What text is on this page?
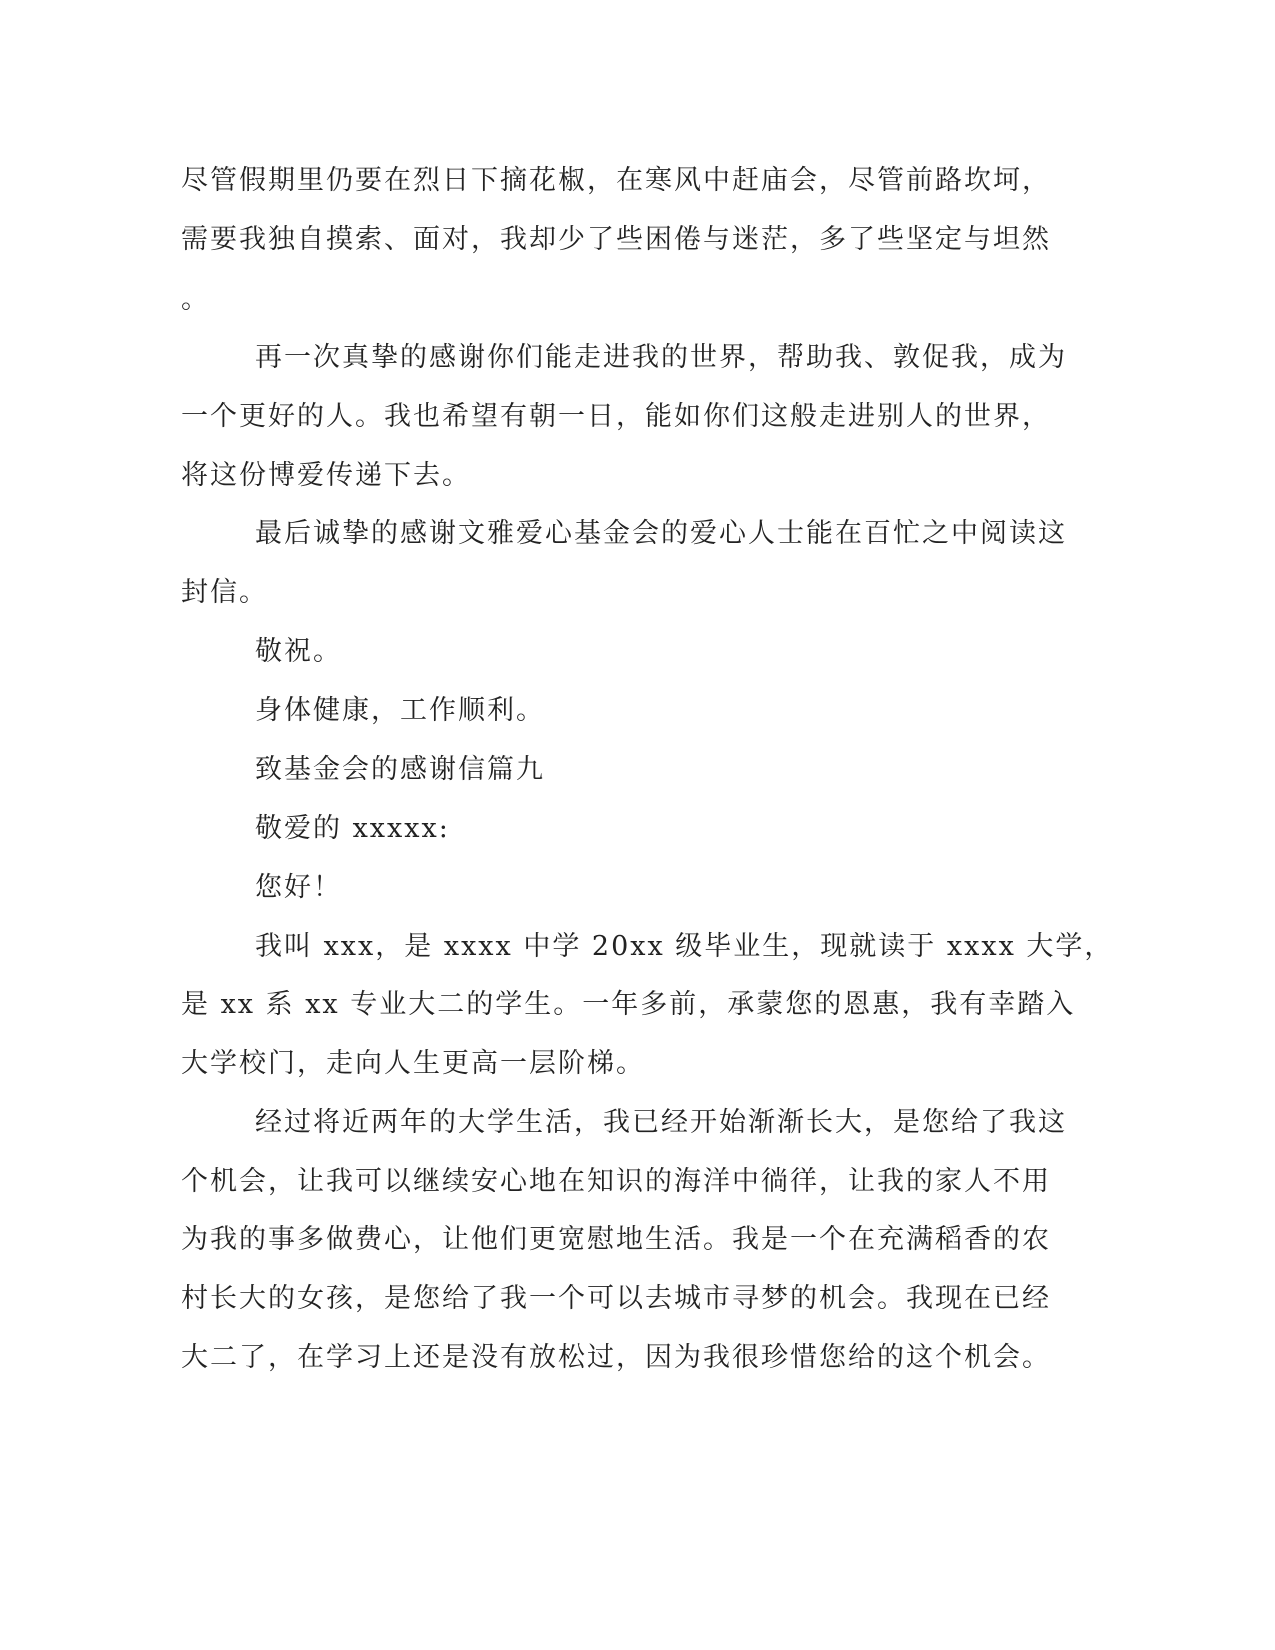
尽管假期里仍要在烈日下摘花椒，在寒风中赶庙会，尽管前路坎坷，
需要我独自摸索、面对，我却少了些困倦与迷茫，多了些坚定与坦然
。
再一次真挚的感谢你们能走进我的世界，帮助我、敦促我，成为
一个更好的人。我也希望有朝一日，能如你们这般走进别人的世界，
将这份博爱传递下去。
最后诚挚的感谢文雅爱心基金会的爱心人士能在百忙之中阅读这
封信。
敬祝。
身体健康，工作顺利。
致基金会的感谢信篇九
敬爱的 xxxxx:
您好！
我叫 xxx，是 xxxx 中学 20xx 级毕业生，现就读于 xxxx 大学，
是 xx 系 xx 专业大二的学生。一年多前，承蒙您的恩惠，我有幸踏入
大学校门，走向人生更高一层阶梯。
经过将近两年的大学生活，我已经开始渐渐长大，是您给了我这
个机会，让我可以继续安心地在知识的海洋中徜徉，让我的家人不用
为我的事多做费心，让他们更宽慰地生活。我是一个在充满稻香的农
村长大的女孩，是您给了我一个可以去城市寻梦的机会。我现在已经
大二了，在学习上还是没有放松过，因为我很珍惜您给的这个机会。
